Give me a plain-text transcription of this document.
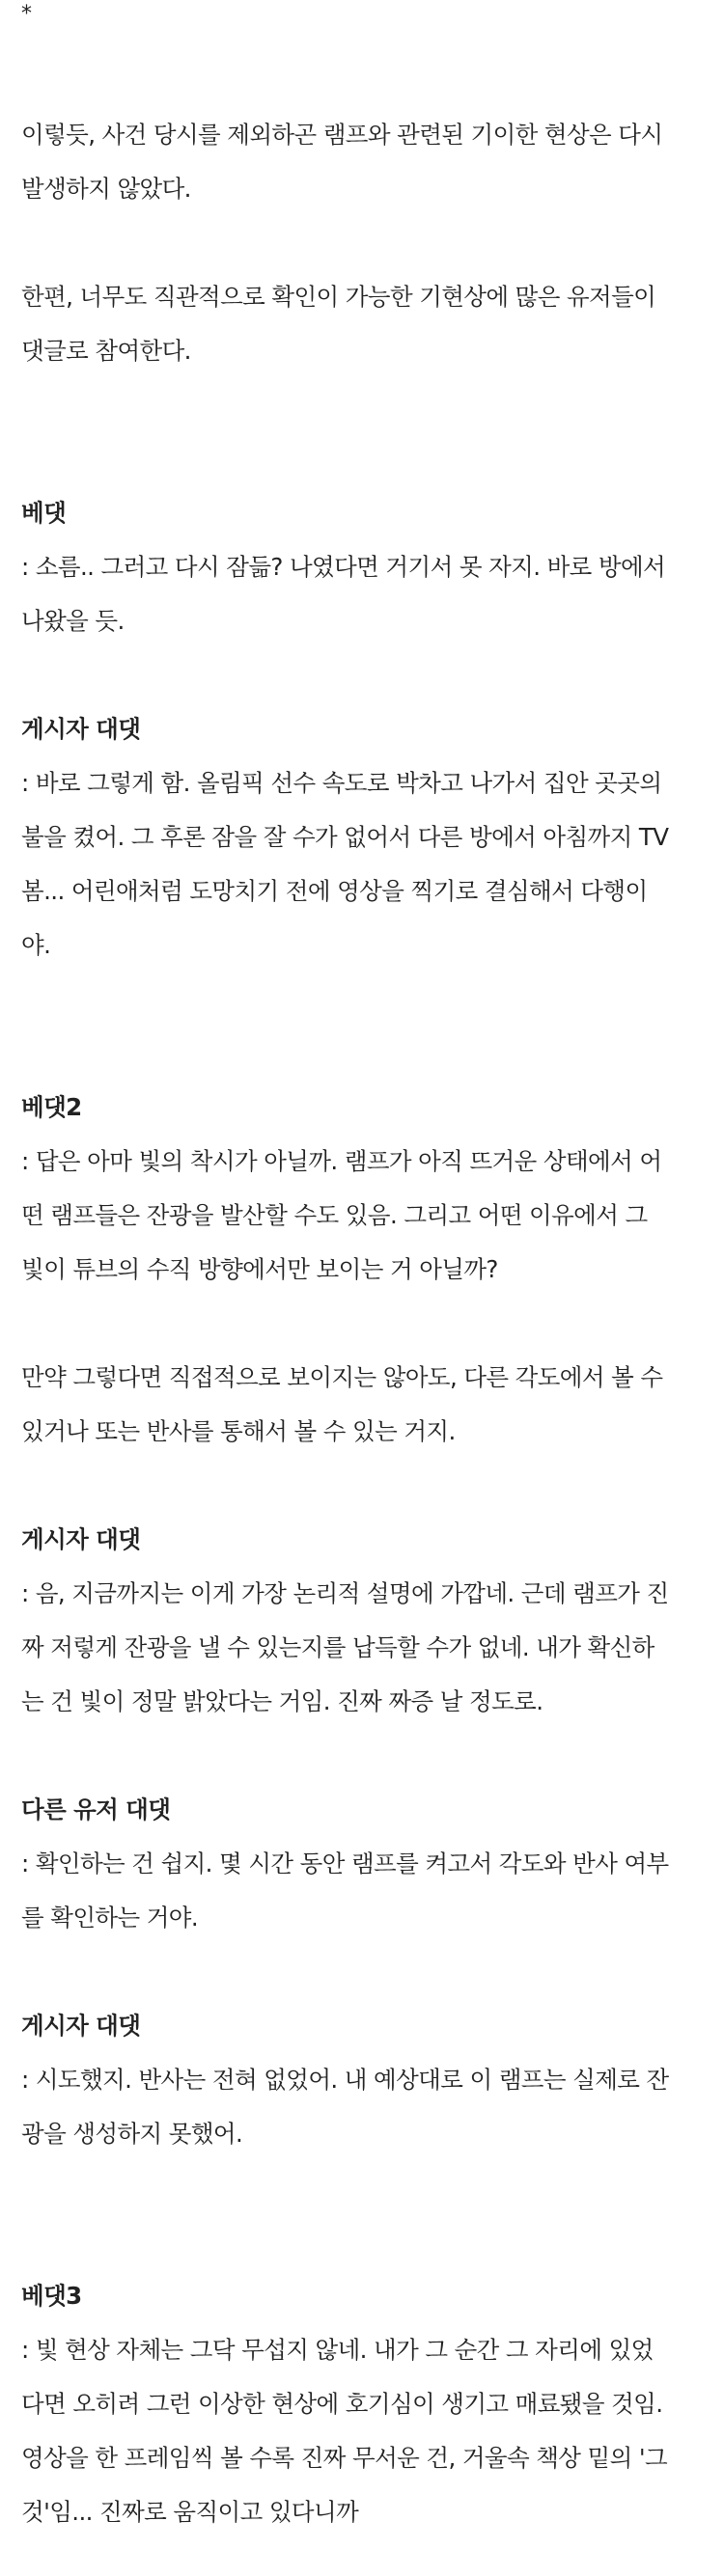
*

이렇듯, 사건 당시를 제외하곤 램프와 관련된 기이한 현상은 다시

발생하지 않았다.

한편, 너무도 직관적으로 확인이 가능한 기현상에 많은 유저들이

댓글로 참여한다.

베댓

: 소름.. 그러고 다시 잠듦? 나였다면 거기서 못 자지. 바로 방에서

나왔을 듯.

게시자 대댓

: 바로 그렇게 함. 올림픽 선수 속도로 박차고 나가서 집안 곳곳의

불을 켰어. 그 후론 잠을 잘 수가 없어서 다른 방에서 아침까지 TV

봄... 어린애처럼 도망치기 전에 영상을 찍기로 결심해서 다행이

야.

베댓2

: 답은 아마 빛의 착시가 아닐까. 램프가 아직 뜨거운 상태에서 어

떤 램프들은 잔광을 발산할 수도 있음. 그리고 어떤 이유에서 그

빛이 튜브의 수직 방향에서만 보이는 거 아닐까?

만약 그렇다면 직접적으로 보이지는 않아도, 다른 각도에서 볼 수

있거나 또는 반사를 통해서 볼 수 있는 거지.

게시자 대댓

: 음, 지금까지는 이게 가장 논리적 설명에 가깝네. 근데 램프가 진

짜 저렇게 잔광을 낼 수 있는지를 납득할 수가 없네. 내가 확신하

는 건 빛이 정말 밝았다는 거임. 진짜 짜증 날 정도로.

다른 유저 대댓

: 확인하는 건 쉽지. 몇 시간 동안 램프를 켜고서 각도와 반사 여부

를 확인하는 거야.

게시자 대댓

: 시도했지. 반사는 전혀 없었어. 내 예상대로 이 램프는 실제로 잔

광을 생성하지 못했어.

베댓3

: 빛 현상 자체는 그닥 무섭지 않네. 내가 그 순간 그 자리에 있었

다면 오히려 그런 이상한 현상에 호기심이 생기고 매료됐을 것임.

영상을 한 프레임씩 볼 수록 진짜 무서운 건, 거울속 책상 밑의 '그

것'임... 진짜로 움직이고 있다니까
